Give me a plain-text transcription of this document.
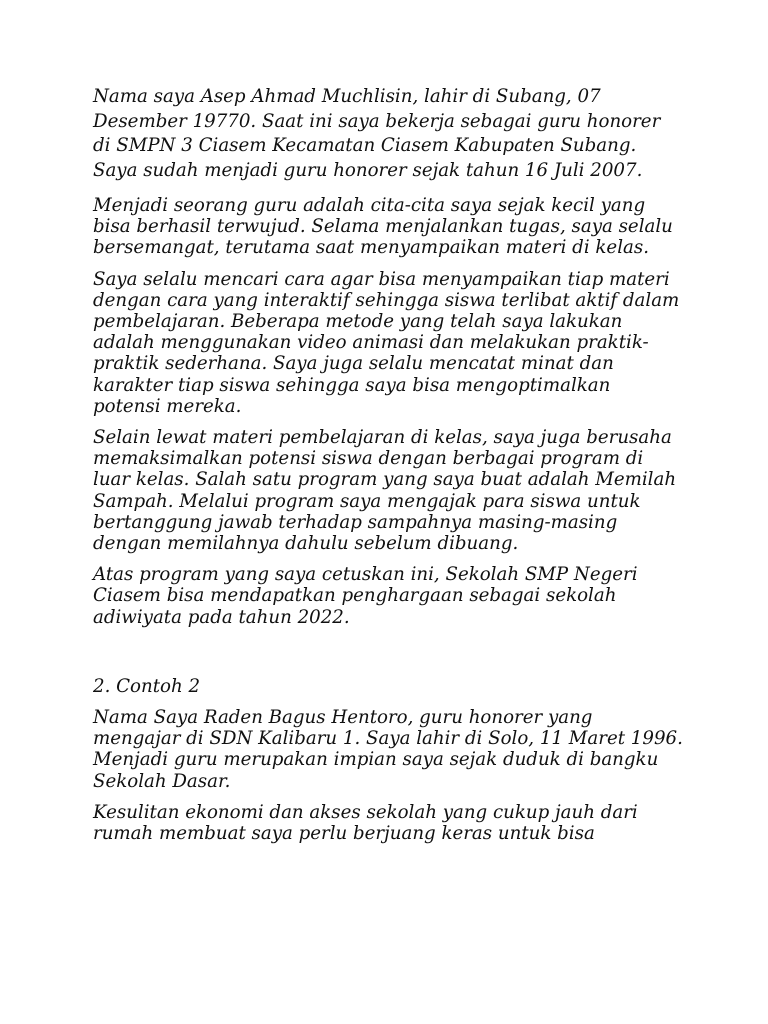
Nama saya Asep Ahmad Muchlisin, lahir di Subang, 07 Desember 19770. Saat ini saya bekerja sebagai guru honorer di SMPN 3 Ciasem Kecamatan Ciasem Kabupaten Subang. Saya sudah menjadi guru honorer sejak tahun 16 Juli 2007.

Menjadi seorang guru adalah cita-cita saya sejak kecil yang bisa berhasil terwujud. Selama menjalankan tugas, saya selalu bersemangat, terutama saat menyampaikan materi di kelas.

Saya selalu mencari cara agar bisa menyampaikan tiap materi dengan cara yang interaktif sehingga siswa terlibat aktif dalam pembelajaran. Beberapa metode yang telah saya lakukan adalah menggunakan video animasi dan melakukan praktik-praktik sederhana. Saya juga selalu mencatat minat dan karakter tiap siswa sehingga saya bisa mengoptimalkan potensi mereka.

Selain lewat materi pembelajaran di kelas, saya juga berusaha memaksimalkan potensi siswa dengan berbagai program di luar kelas. Salah satu program yang saya buat adalah Memilah Sampah. Melalui program saya mengajak para siswa untuk bertanggung jawab terhadap sampahnya masing-masing dengan memilahnya dahulu sebelum dibuang.

Atas program yang saya cetuskan ini, Sekolah SMP Negeri Ciasem bisa mendapatkan penghargaan sebagai sekolah adiwiyata pada tahun 2022.

2. Contoh 2

Nama Saya Raden Bagus Hentoro, guru honorer yang mengajar di SDN Kalibaru 1. Saya lahir di Solo, 11 Maret 1996. Menjadi guru merupakan impian saya sejak duduk di bangku Sekolah Dasar.

Kesulitan ekonomi dan akses sekolah yang cukup jauh dari rumah membuat saya perlu berjuang keras untuk bisa
